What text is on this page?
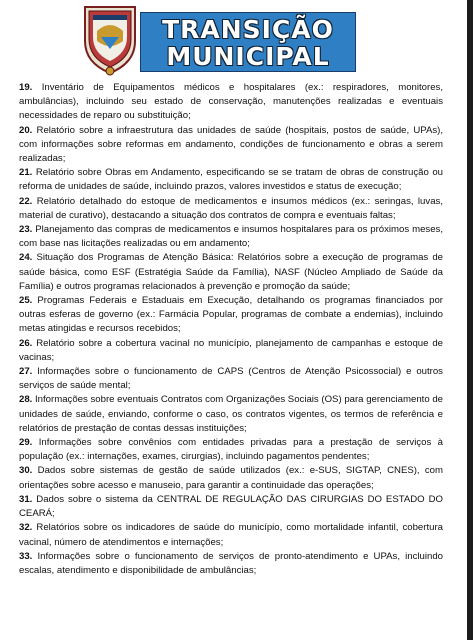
TRANSIÇÃO
MUNICIPAL

19. Inventário de Equipamentos médicos e hospitalares (ex.: respiradores, monitores, ambulâncias), incluindo seu estado de conservação, manutenções realizadas e eventuais necessidades de reparo ou substituição;

20. Relatório sobre a infraestrutura das unidades de saúde (hospitais, postos de saúde, UPAs), com informações sobre reformas em andamento, condições de funcionamento e obras a serem realizadas;

21. Relatório sobre Obras em Andamento, especificando se se tratam de obras de construção ou reforma de unidades de saúde, incluindo prazos, valores investidos e status de execução;

22. Relatório detalhado do estoque de medicamentos e insumos médicos (ex.: seringas, luvas, material de curativo), destacando a situação dos contratos de compra e eventuais faltas;

23. Planejamento das compras de medicamentos e insumos hospitalares para os próximos meses, com base nas licitações realizadas ou em andamento;

24. Situação dos Programas de Atenção Básica: Relatórios sobre a execução de programas de saúde básica, como ESF (Estratégia Saúde da Família), NASF (Núcleo Ampliado de Saúde da Família) e outros programas relacionados à prevenção e promoção da saúde;

25. Programas Federais e Estaduais em Execução, detalhando os programas financiados por outras esferas de governo (ex.: Farmácia Popular, programas de combate a endemias), incluindo metas atingidas e recursos recebidos;

26. Relatório sobre a cobertura vacinal no município, planejamento de campanhas e estoque de vacinas;

27. Informações sobre o funcionamento de CAPS (Centros de Atenção Psicossocial) e outros serviços de saúde mental;

28. Informações sobre eventuais Contratos com Organizações Sociais (OS) para gerenciamento de unidades de saúde, enviando, conforme o caso, os contratos vigentes, os termos de referência e relatórios de prestação de contas dessas instituições;

29. Informações sobre convênios com entidades privadas para a prestação de serviços à população (ex.: internações, exames, cirurgias), incluindo pagamentos pendentes;

30. Dados sobre sistemas de gestão de saúde utilizados (ex.: e-SUS, SIGTAP, CNES), com orientações sobre acesso e manuseio, para garantir a continuidade das operações;

31. Dados sobre o sistema da CENTRAL DE REGULAÇÃO DAS CIRURGIAS DO ESTADO DO CEARÁ;

32. Relatórios sobre os indicadores de saúde do município, como mortalidade infantil, cobertura vacinal, número de atendimentos e internações;

33. Informações sobre o funcionamento de serviços de pronto-atendimento e UPAs, incluindo escalas, atendimento e disponibilidade de ambulâncias;
